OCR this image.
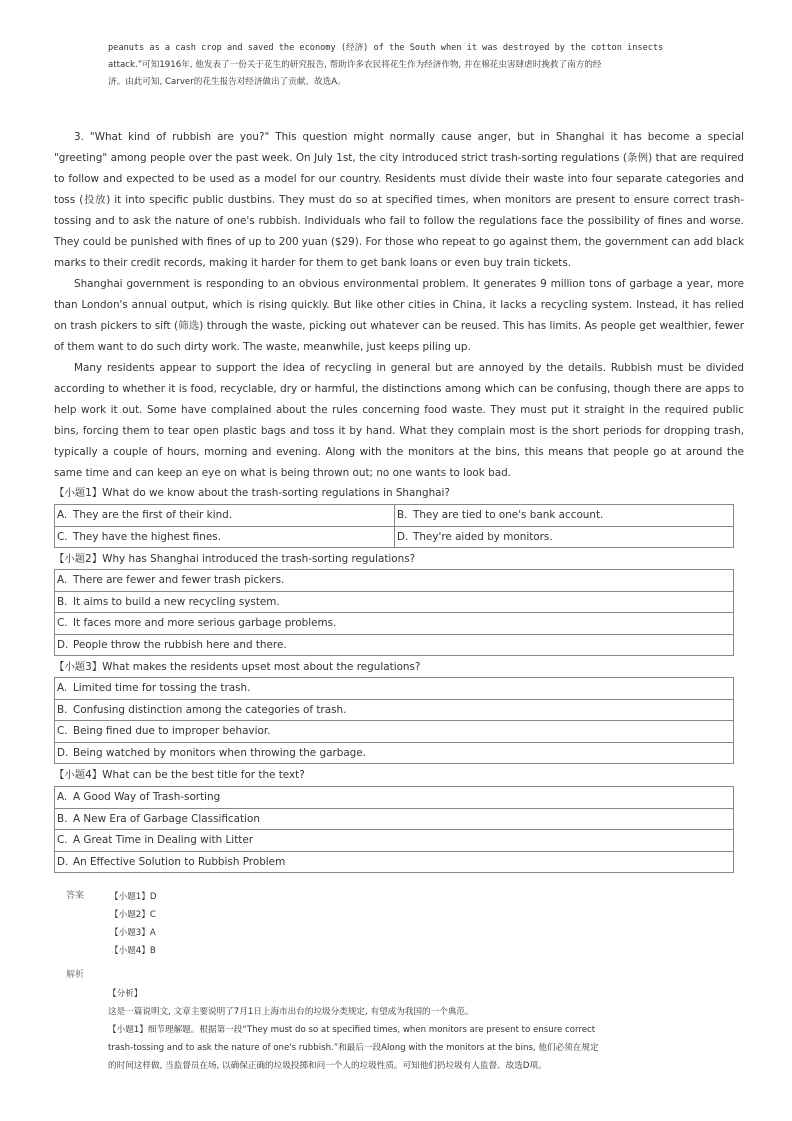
peanuts as a cash crop and saved the economy (经济) of the South when it was destroyed by the cotton insects
attack.”可知1916年, 他发表了一份关于花生的研究报告, 帮助许多农民将花生作为经济作物, 并在棉花虫害肆虐时挽救了南方的经
济。由此可知, Carver的花生报告对经济做出了贡献。故选A。

3. "What kind of rubbish are you?" This question might normally cause anger, but in Shanghai it has become a special "greeting" among people over the past week. On July 1st, the city introduced strict trash-sorting regulations (条例) that are required to follow and expected to be used as a model for our country. Residents must divide their waste into four separate categories and toss (投放) it into specific public dustbins. They must do so at specified times, when monitors are present to ensure correct trash-tossing and to ask the nature of one's rubbish. Individuals who fail to follow the regulations face the possibility of fines and worse. They could be punished with fines of up to 200 yuan ($29). For those who repeat to go against them, the government can add black marks to their credit records, making it harder for them to get bank loans or even buy train tickets.

Shanghai government is responding to an obvious environmental problem. It generates 9 million tons of garbage a year, more than London's annual output, which is rising quickly. But like other cities in China, it lacks a recycling system. Instead, it has relied on trash pickers to sift (筛选) through the waste, picking out whatever can be reused. This has limits. As people get wealthier, fewer of them want to do such dirty work. The waste, meanwhile, just keeps piling up.

Many residents appear to support the idea of recycling in general but are annoyed by the details. Rubbish must be divided according to whether it is food, recyclable, dry or harmful, the distinctions among which can be confusing, though there are apps to help work it out. Some have complained about the rules concerning food waste. They must put it straight in the required public bins, forcing them to tear open plastic bags and toss it by hand. What they complain most is the short periods for dropping trash, typically a couple of hours, morning and evening. Along with the monitors at the bins, this means that people go at around the same time and can keep an eye on what is being thrown out; no one wants to look bad.

【小题1】What do we know about the trash-sorting regulations in Shanghai?
A. They are the first of their kind.	B. They are tied to one's bank account.
C. They have the highest fines.	D. They're aided by monitors.
【小题2】Why has Shanghai introduced the trash-sorting regulations?
A. There are fewer and fewer trash pickers.
B. It aims to build a new recycling system.
C. It faces more and more serious garbage problems.
D. People throw the rubbish here and there.
【小题3】What makes the residents upset most about the regulations?
A. Limited time for tossing the trash.
B. Confusing distinction among the categories of trash.
C. Being fined due to improper behavior.
D. Being watched by monitors when throwing the garbage.
【小题4】What can be the best title for the text?
A. A Good Way of Trash-sorting
B. A New Era of Garbage Classification
C. A Great Time in Dealing with Litter
D. An Effective Solution to Rubbish Problem
答案	【小题1】D
【小题2】C
【小题3】A
【小题4】B
解析
【分析】
这是一篇说明文, 文章主要说明了7月1日上海市出台的垃圾分类规定, 有望成为我国的一个典范。
【小题1】细节理解题。根据第一段“They must do so at specified times, when monitors are present to ensure correct
trash-tossing and to ask the nature of one's rubbish.”和最后一段Along with the monitors at the bins, 他们必须在规定
的时间这样做, 当监督员在场, 以确保正确的垃圾投掷和问一个人的垃圾性质。可知他们扔垃圾有人监督。故选D项。
